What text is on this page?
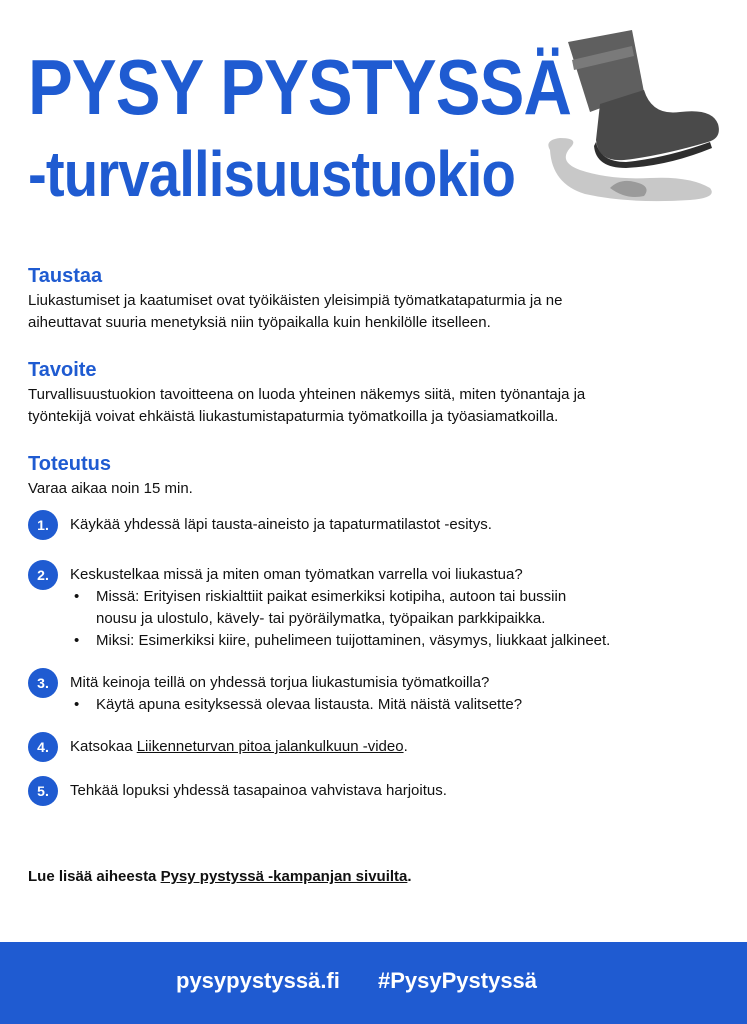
PYSY PYSTYSSÄ
-turvallisuustuokio
Taustaa

Liukastumiset ja kaatumiset ovat työikäisten yleisimpiä työmatkatapaturmia ja ne
aiheuttavat suuria menetyksiä niin työpaikalla kuin henkilölle itselleen.

Tavoite

Turvallisuustuokion tavoitteena on luoda yhteinen näkemys siitä, miten työnantaja ja
työntekijä voivat ehkäistä liukastumistapaturmia työmatkoilla ja työasiamatkoilla.

Toteutus

Varaa aikaa noin 15 min.

1.	Käykää yhdessä läpi tausta-aineisto ja tapaturmatilastot -esitys.
2.	Keskustelkaa missä ja miten oman työmatkan varrella voi liukastua?
• Missä: Erityisen riskialttiit paikat esimerkiksi kotipiha, autoon tai bussiin
nousu ja ulostulo, kävely- tai pyöräilymatka, työpaikan parkkipaikka.
• Miksi: Esimerkiksi kiire, puhelimeen tuijottaminen, väsymys, liukkaat jalkineet.
3.	Mitä keinoja teillä on yhdessä torjua liukastumisia työmatkoilla?
• Käytä apuna esityksessä olevaa listausta. Mitä näistä valitsette?
4.	Katsokaa Liikenneturvan pitoa jalankulkuun -video.
5.	Tehkää lopuksi yhdessä tasapainoa vahvistava harjoitus.
Lue lisää aiheesta Pysy pystyssä -kampanjan sivuilta.
pysypystyssä.fi #PysyPystyssä
